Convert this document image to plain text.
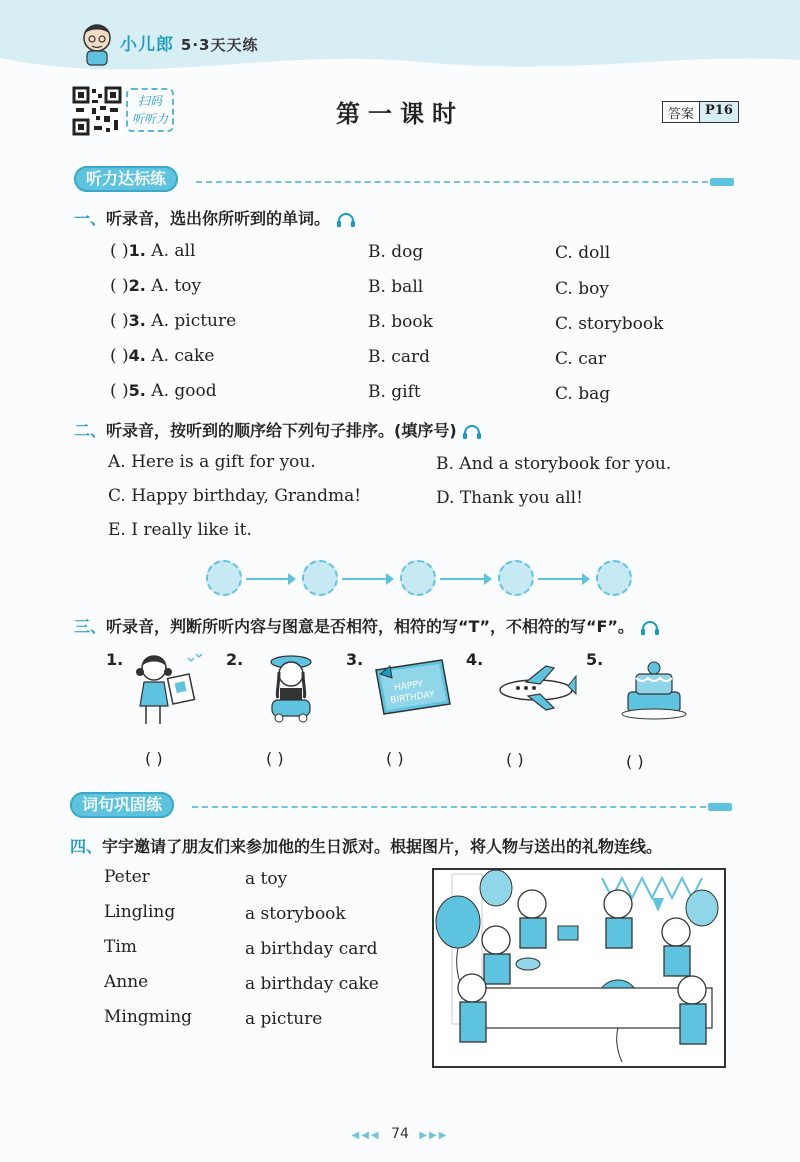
小儿郎 5·3天天练
扫码
听听力	第一课时	答案 P16
听力达标练
一、听录音，选出你所听到的单词。
( )1. A. all	B. dog	C. doll
( )2. A. toy	B. ball	C. boy
( )3. A. picture	B. book	C. storybook
( )4. A. cake	B. card	C. car
( )5. A. good	B. gift	C. bag
二、听录音，按听到的顺序给下列句子排序。(填序号)
A. Here is a gift for you.	B. And a storybook for you.
C. Happy birthday, Grandma!	D. Thank you all!
E. I really like it.
三、听录音，判断所听内容与图意是否相符，相符的写“T”，不相符的写“F”。
1.	2.	3.	4.	5.
HAPPY
BIRTHDAY
( )	( )	( )	( )	( )
词句巩固练
四、宇宇邀请了朋友们来参加他的生日派对。根据图片，将人物与送出的礼物连线。
Peter
Lingling
Tim
Anne
Mingming
a toy
a storybook
a birthday card
a birthday cake
a picture
◀◀◀ 74 ▶▶▶
